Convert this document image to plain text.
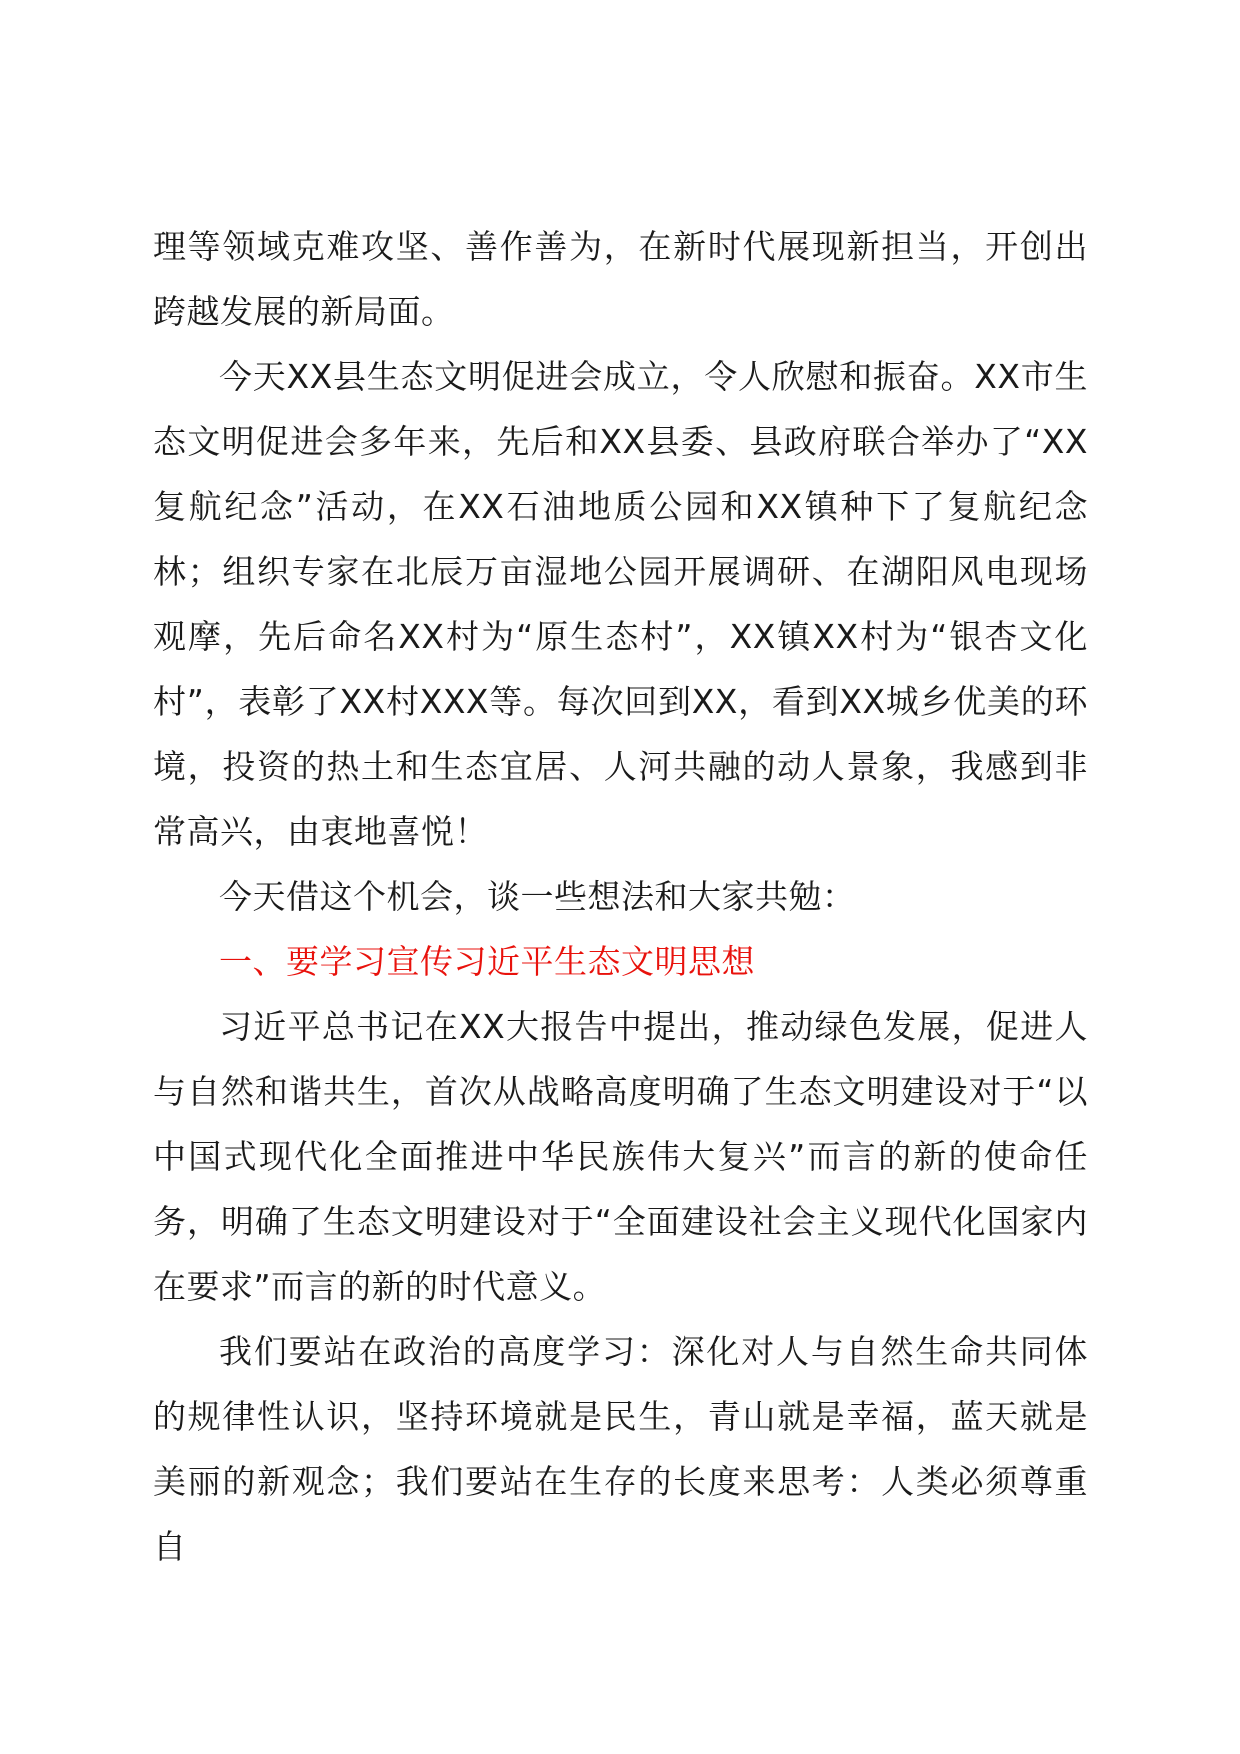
理等领域克难攻坚、善作善为，在新时代展现新担当，开创出跨越发展的新局面。

今天XX县生态文明促进会成立，令人欣慰和振奋。XX市生态文明促进会多年来，先后和XX县委、县政府联合举办了“XX复航纪念”活动，在XX石油地质公园和XX镇种下了复航纪念林；组织专家在北辰万亩湿地公园开展调研、在湖阳风电现场观摩，先后命名XX村为“原生态村”，XX镇XX村为“银杏文化村”，表彰了XX村XXX等。每次回到XX，看到XX城乡优美的环境，投资的热土和生态宜居、人河共融的动人景象，我感到非常高兴，由衷地喜悦！

今天借这个机会，谈一些想法和大家共勉：

一、要学习宣传习近平生态文明思想

习近平总书记在XX大报告中提出，推动绿色发展，促进人与自然和谐共生，首次从战略高度明确了生态文明建设对于“以中国式现代化全面推进中华民族伟大复兴”而言的新的使命任务，明确了生态文明建设对于“全面建设社会主义现代化国家内在要求”而言的新的时代意义。

我们要站在政治的高度学习：深化对人与自然生命共同体的规律性认识，坚持环境就是民生，青山就是幸福，蓝天就是美丽的新观念；我们要站在生存的长度来思考：人类必须尊重自
